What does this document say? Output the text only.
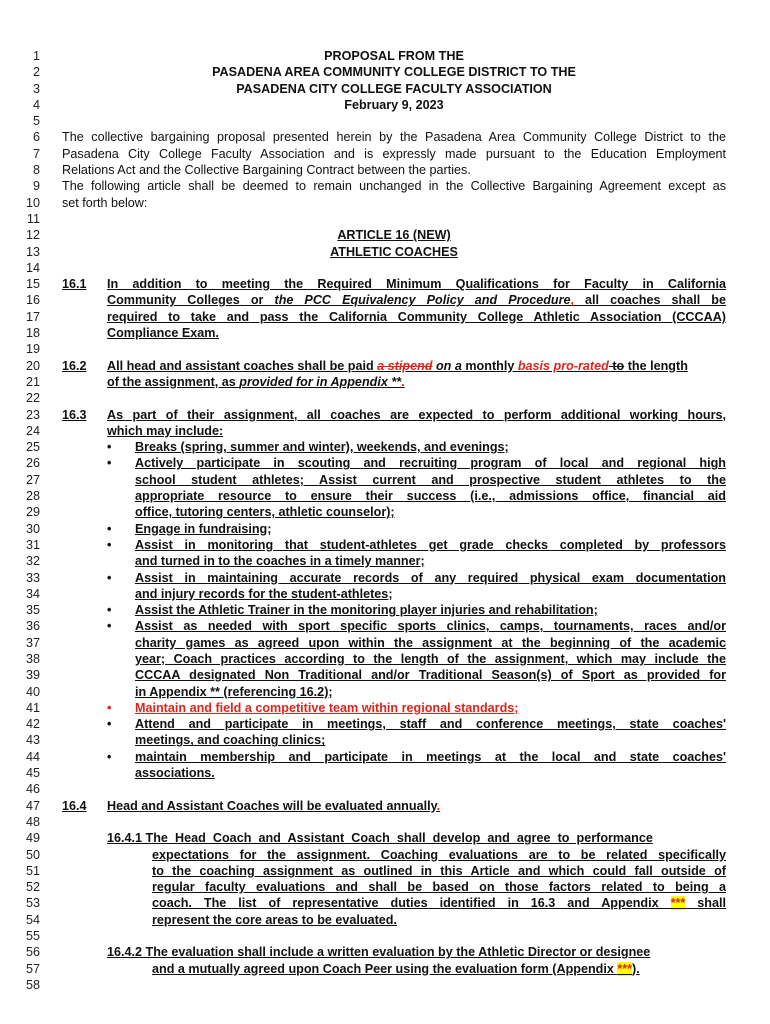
1
2
3
4
5
6
7
8
9
10
11
12
13
14
15
16
17
18
19
20
21
22
23
24
25
26
27
28
29
30
31
32
33
34
35
36
37
38
39
40
41
42
43
44
45
46
47
48
49
50
51
52
53
54
55
56
57
58
PROPOSAL FROM THE
PASADENA AREA COMMUNITY COLLEGE DISTRICT TO THE
PASADENA CITY COLLEGE FACULTY ASSOCIATION
February 9, 2023
The collective bargaining proposal presented herein by the Pasadena Area Community College District to the
Pasadena City College Faculty Association and is expressly made pursuant to the Education Employment
Relations Act and the Collective Bargaining Contract between the parties.
The following article shall be deemed to remain unchanged in the Collective Bargaining Agreement except as
set forth below:
ARTICLE 16 (NEW)
ATHLETIC COACHES
16.1 In addition to meeting the Required Minimum Qualifications for Faculty in California
Community Colleges or the PCC Equivalency Policy and Procedure, all coaches shall be
required to take and pass the California Community College Athletic Association (CCCAA)
Compliance Exam.
16.2 All head and assistant coaches shall be paid a stipend on a monthly basis pro-rated to the length
of the assignment, as provided for in Appendix **.
16.3 As part of their assignment, all coaches are expected to perform additional working hours,
which may include:
• Breaks (spring, summer and winter), weekends, and evenings;
• Actively participate in scouting and recruiting program of local and regional high
school student athletes; Assist current and prospective student athletes to the
appropriate resource to ensure their success (i.e., admissions office, financial aid
office, tutoring centers, athletic counselor);
• Engage in fundraising;
• Assist in monitoring that student-athletes get grade checks completed by professors
and turned in to the coaches in a timely manner;
• Assist in maintaining accurate records of any required physical exam documentation
and injury records for the student-athletes;
• Assist the Athletic Trainer in the monitoring player injuries and rehabilitation;
• Assist as needed with sport specific sports clinics, camps, tournaments, races and/or
charity games as agreed upon within the assignment at the beginning of the academic
year; Coach practices according to the length of the assignment, which may include the
CCCAA designated Non Traditional and/or Traditional Season(s) of Sport as provided for
in Appendix ** (referencing 16.2);
• Maintain and field a competitive team within regional standards;
• Attend and participate in meetings, staff and conference meetings, state coaches'
meetings, and coaching clinics;
• maintain membership and participate in meetings at the local and state coaches'
associations.
16.4 Head and Assistant Coaches will be evaluated annually.
16.4.1 The Head Coach and Assistant Coach shall develop and agree to performance
expectations for the assignment. Coaching evaluations are to be related specifically
to the coaching assignment as outlined in this Article and which could fall outside of
regular faculty evaluations and shall be based on those factors related to being a
coach. The list of representative duties identified in 16.3 and Appendix *** shall
represent the core areas to be evaluated.
16.4.2 The evaluation shall include a written evaluation by the Athletic Director or designee
and a mutually agreed upon Coach Peer using the evaluation form (Appendix ***).
